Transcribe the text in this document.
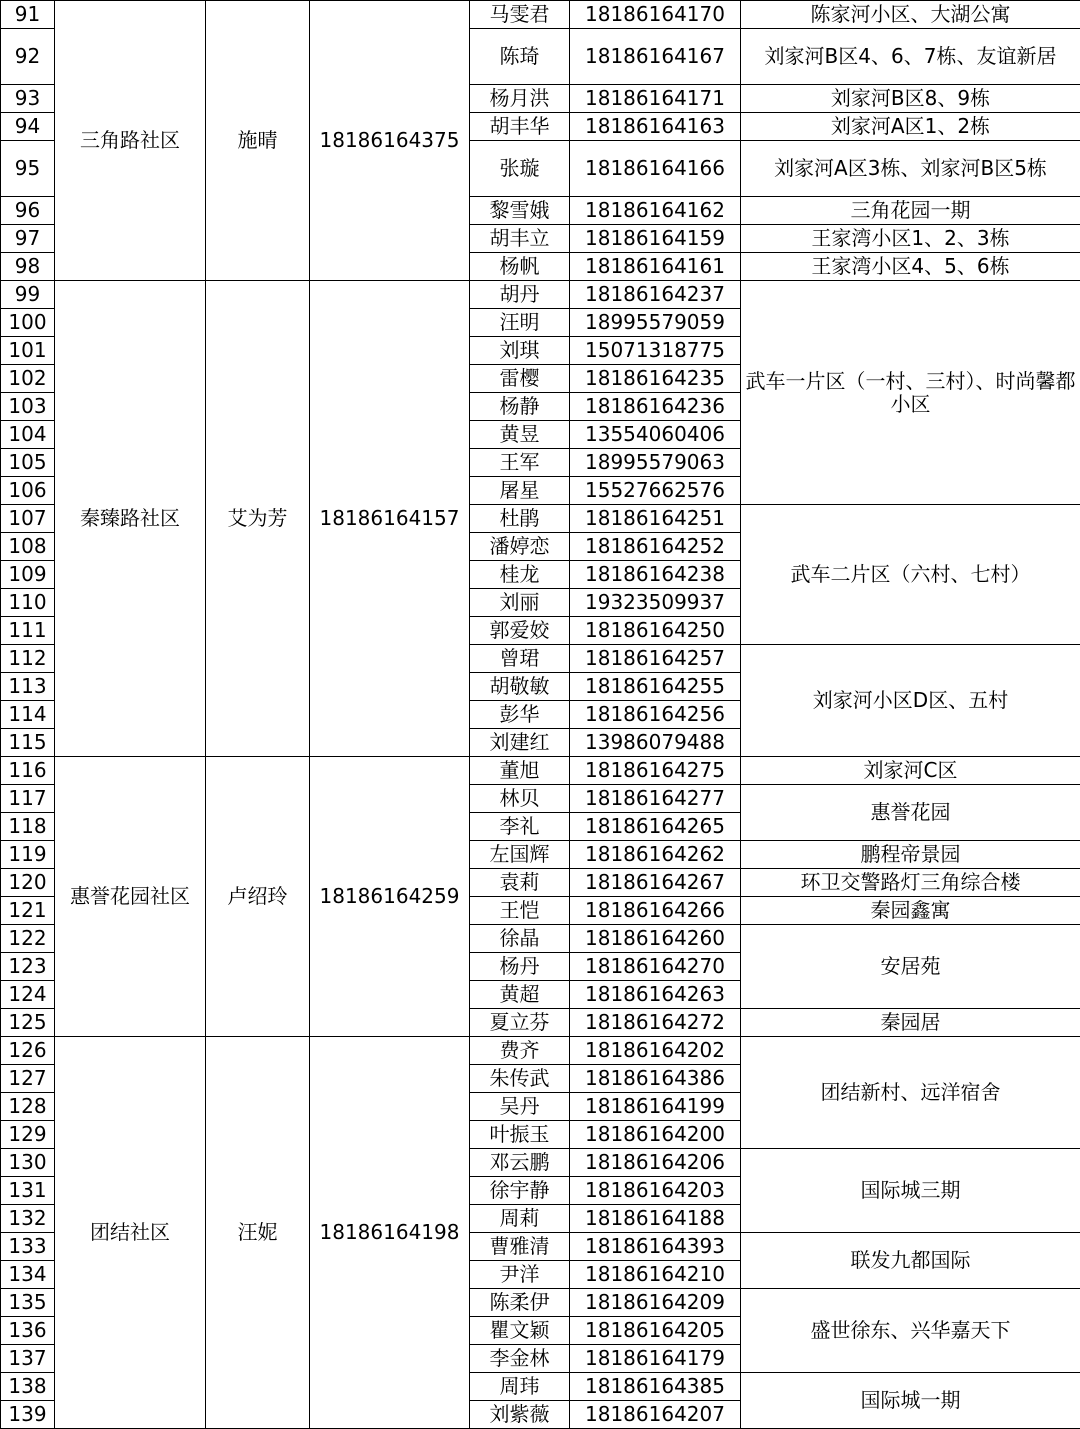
91	三角路社区	施晴	18186164375	马雯君	18186164170	陈家河小区、大湖公寓
92				陈琦	18186164167	刘家河B区4、6、7栋、友谊新居
93				杨月洪	18186164171	刘家河B区8、9栋
94				胡丰华	18186164163	刘家河A区1、2栋
95				张璇	18186164166	刘家河A区3栋、刘家河B区5栋
96				黎雪娥	18186164162	三角花园一期
97				胡丰立	18186164159	王家湾小区1、2、3栋
98				杨帆	18186164161	王家湾小区4、5、6栋
99	秦臻路社区	艾为芳	18186164157	胡丹	18186164237	武车一片区（一村、三村）、时尚馨都小区
100				汪明	18995579059	
101				刘琪	15071318775	
102				雷樱	18186164235	
103				杨静	18186164236	
104				黄昱	13554060406	
105				王军	18995579063	
106				屠星	15527662576	
107				杜鹃	18186164251	武车二片区（六村、七村）
108				潘婷恋	18186164252	
109				桂龙	18186164238	
110				刘丽	19323509937	
111				郭爱姣	18186164250	
112				曾珺	18186164257	刘家河小区D区、五村
113				胡敬敏	18186164255	
114				彭华	18186164256	
115				刘建红	13986079488	
116	惠誉花园社区	卢绍玲	18186164259	董旭	18186164275	刘家河C区
117				林贝	18186164277	惠誉花园
118				李礼	18186164265	
119				左国辉	18186164262	鹏程帝景园
120				袁莉	18186164267	环卫交警路灯三角综合楼
121				王恺	18186164266	秦园鑫寓
122				徐晶	18186164260	安居苑
123				杨丹	18186164270	
124				黄超	18186164263	
125				夏立芬	18186164272	秦园居
126	团结社区	汪妮	18186164198	费齐	18186164202	团结新村、远洋宿舍
127				朱传武	18186164386	
128				吴丹	18186164199	
129				叶振玉	18186164200	
130				邓云鹏	18186164206	国际城三期
131				徐宇静	18186164203	
132				周莉	18186164188	
133				曹雅清	18186164393	联发九都国际
134				尹洋	18186164210	
135				陈柔伊	18186164209	盛世徐东、兴华嘉天下
136				瞿文颖	18186164205	
137				李金林	18186164179	
138				周玮	18186164385	国际城一期
139				刘紫薇	18186164207	
